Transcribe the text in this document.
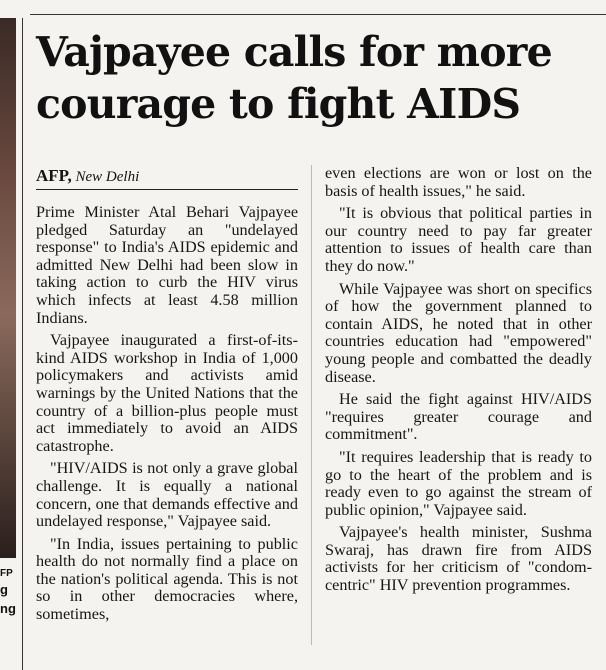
FP
g
ng
Vajpayee calls for more
courage to fight AIDS
AFP, New Delhi

Prime Minister Atal Behari Vajpayee pledged Saturday an "undelayed response" to India's AIDS epidemic and admitted New Delhi had been slow in taking action to curb the HIV virus which infects at least 4.58 million Indians.

Vajpayee inaugurated a first-of-its-kind AIDS workshop in India of 1,000 policymakers and activists amid warnings by the United Nations that the country of a billion-plus people must act immediately to avoid an AIDS catastrophe.

"HIV/AIDS is not only a grave global challenge. It is equally a national concern, one that demands effective and undelayed response," Vajpayee said.

"In India, issues pertaining to public health do not normally find a place on the nation's political agenda. This is not so in other democracies where, sometimes,

even elections are won or lost on the basis of health issues," he said.

"It is obvious that political parties in our country need to pay far greater attention to issues of health care than they do now."

While Vajpayee was short on specifics of how the government planned to contain AIDS, he noted that in other countries education had "empowered" young people and combatted the deadly disease.

He said the fight against HIV/AIDS "requires greater courage and commitment".

"It requires leadership that is ready to go to the heart of the problem and is ready even to go against the stream of public opinion," Vajpayee said.

Vajpayee's health minister, Sushma Swaraj, has drawn fire from AIDS activists for her criticism of "condom-centric" HIV prevention programmes.
